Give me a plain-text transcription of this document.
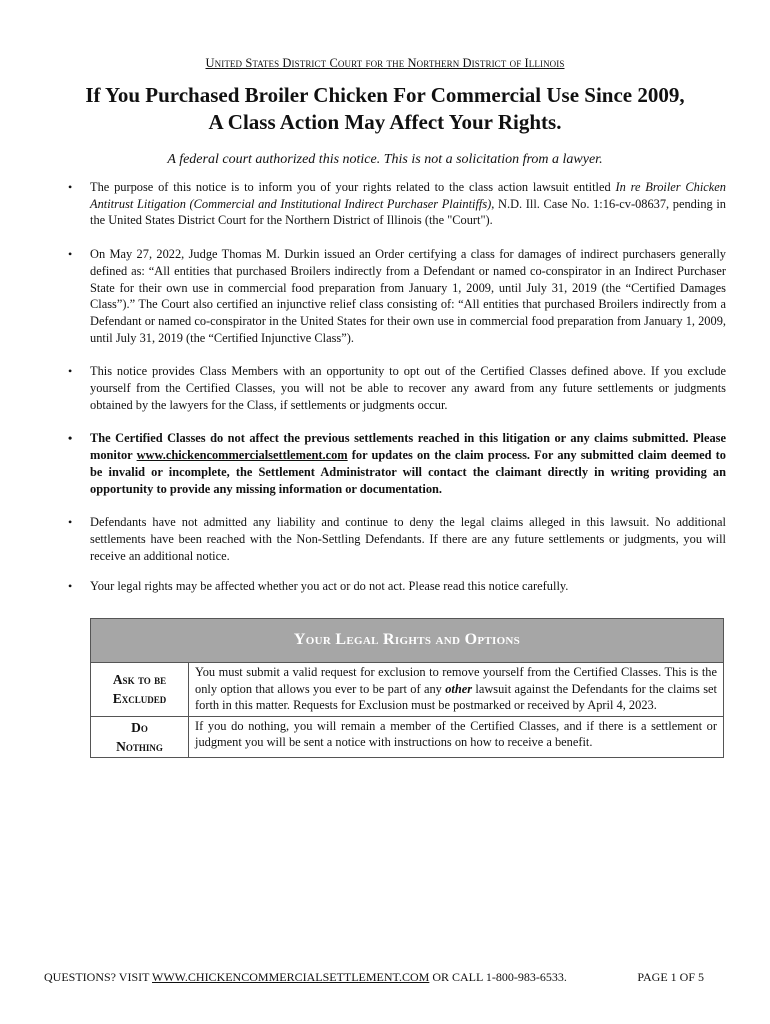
United States District Court for the Northern District of Illinois
If You Purchased Broiler Chicken For Commercial Use Since 2009,
A Class Action May Affect Your Rights.
A federal court authorized this notice. This is not a solicitation from a lawyer.
• The purpose of this notice is to inform you of your rights related to the class action lawsuit entitled In re Broiler Chicken Antitrust Litigation (Commercial and Institutional Indirect Purchaser Plaintiffs), N.D. Ill. Case No. 1:16-cv-08637, pending in the United States District Court for the Northern District of Illinois (the "Court").
• On May 27, 2022, Judge Thomas M. Durkin issued an Order certifying a class for damages of indirect purchasers generally defined as: “All entities that purchased Broilers indirectly from a Defendant or named co-conspirator in an Indirect Purchaser State for their own use in commercial food preparation from January 1, 2009, until July 31, 2019 (the “Certified Damages Class”).” The Court also certified an injunctive relief class consisting of: “All entities that purchased Broilers indirectly from a Defendant or named co-conspirator in the United States for their own use in commercial food preparation from January 1, 2009, until July 31, 2019 (the “Certified Injunctive Class”).
• This notice provides Class Members with an opportunity to opt out of the Certified Classes defined above. If you exclude yourself from the Certified Classes, you will not be able to recover any award from any future settlements or judgments obtained by the lawyers for the Class, if settlements or judgments occur.
• The Certified Classes do not affect the previous settlements reached in this litigation or any claims submitted. Please monitor www.chickencommercialsettlement.com for updates on the claim process. For any submitted claim deemed to be invalid or incomplete, the Settlement Administrator will contact the claimant directly in writing providing an opportunity to provide any missing information or documentation.
• Defendants have not admitted any liability and continue to deny the legal claims alleged in this lawsuit. No additional settlements have been reached with the Non-Settling Defendants. If there are any future settlements or judgments, you will receive an additional notice.
• Your legal rights may be affected whether you act or do not act. Please read this notice carefully.
Your Legal Rights and Options	

Ask to be
Excluded	You must submit a valid request for exclusion to remove yourself from the Certified Classes. This is the only option that allows you ever to be part of any other lawsuit against the Defendants for the claims set forth in this matter. Requests for Exclusion must be postmarked or received by April 4, 2023.

Do
Nothing	If you do nothing, you will remain a member of the Certified Classes, and if there is a settlement or judgment you will be sent a notice with instructions on how to receive a benefit.
QUESTIONS? VISIT WWW.CHICKENCOMMERCIALSETTLEMENT.COM OR CALL 1-800-983-6533.	PAGE 1 OF 5
